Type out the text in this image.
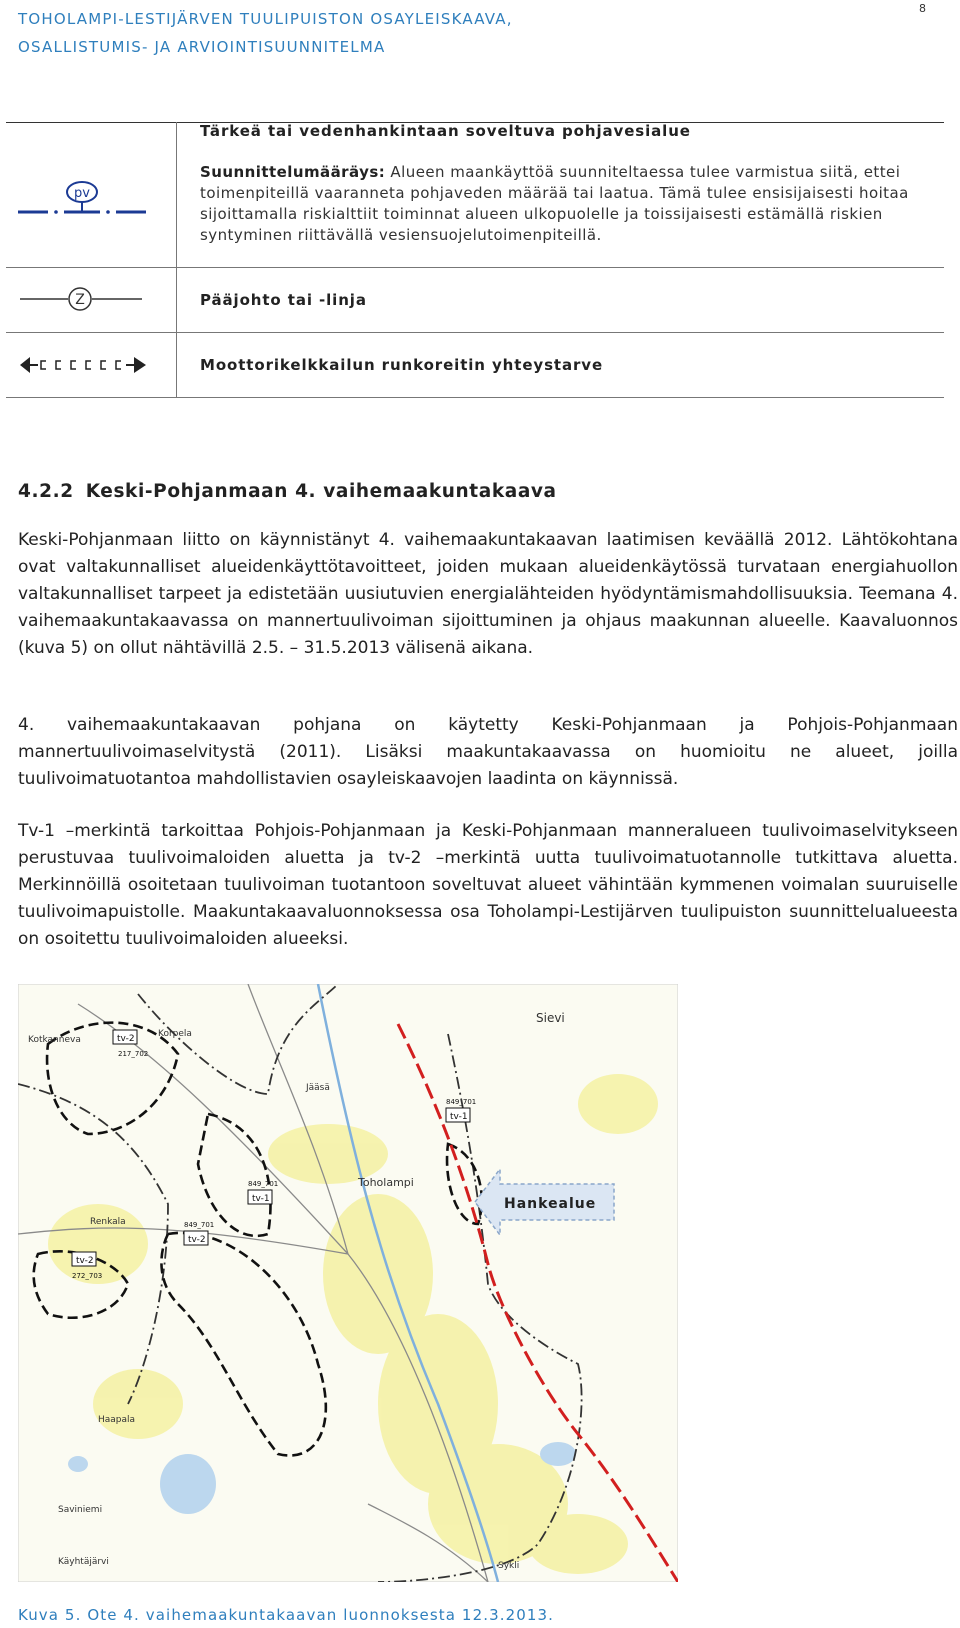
TOHOLAMPI-LESTIJÄRVEN TUULIPUISTON OSAYLEISKAAVA,
OSALLISTUMIS- JA ARVIOINTISUUNNITELMA
8
pv
Tärkeä tai vedenhankintaan soveltuva pohjavesialue

Suunnittelumääräys: Alueen maankäyttöä suunniteltaessa tulee varmistua siitä, ettei toimenpiteillä vaaranneta pohjaveden määrää tai laatua. Tämä tulee ensisijaisesti hoitaa sijoittamalla riskialttiit toiminnat alueen ulkopuolelle ja toissijaisesti estämällä riskien syntyminen riittävällä vesiensuojelutoimenpiteillä.

Z	Pääjohto tai -linja
Moottorikelkkailun runkoreitin yhteystarve
4.2.2 Keski-Pohjanmaan 4. vaihemaakuntakaava

Keski-Pohjanmaan liitto on käynnistänyt 4. vaihemaakuntakaavan laatimisen keväällä 2012. Lähtökohtana ovat valtakunnalliset alueidenkäyttötavoitteet, joiden mukaan alueidenkäytössä turvataan energiahuollon valtakunnalliset tarpeet ja edistetään uusiutuvien energialähteiden hyödyntämismahdollisuuksia. Teemana 4. vaihemaakuntakaavassa on mannertuulivoiman sijoittuminen ja ohjaus maakunnan alueelle. Kaavaluonnos (kuva 5) on ollut nähtävillä 2.5. – 31.5.2013 välisenä aikana.

4. vaihemaakuntakaavan pohjana on käytetty Keski-Pohjanmaan ja Pohjois-Pohjanmaan mannertuulivoimaselvitystä (2011). Lisäksi maakuntakaavassa on huomioitu ne alueet, joilla tuulivoimatuotantoa mahdollistavien osayleiskaavojen laadinta on käynnissä.

Tv-1 –merkintä tarkoittaa Pohjois-Pohjanmaan ja Keski-Pohjanmaan manneralueen tuulivoimaselvitykseen perustuvaa tuulivoimaloiden aluetta ja tv-2 –merkintä uutta tuulivoimatuotannolle tutkittava aluetta. Merkinnöillä osoitetaan tuulivoiman tuotantoon soveltuvat alueet vähintään kymmenen voimalan suuruiselle tuulivoimapuistolle. Maakuntakaavaluonnoksessa osa Toholampi-Lestijärven tuulipuiston suunnittelualueesta on osoitettu tuulivoimaloiden alueeksi.

Sievi
Toholampi
Jääsä
Kotkanneva
Korpela
Haapala
Saviniemi
Käyhtäjärvi	Sykli
Renkala
tv-2
217_702
849_701
tv-1
849_701
tv-1
849_701
tv-2
tv-2
272_703
Hankealue
Kuva 5. Ote 4. vaihemaakuntakaavan luonnoksesta 12.3.2013.
